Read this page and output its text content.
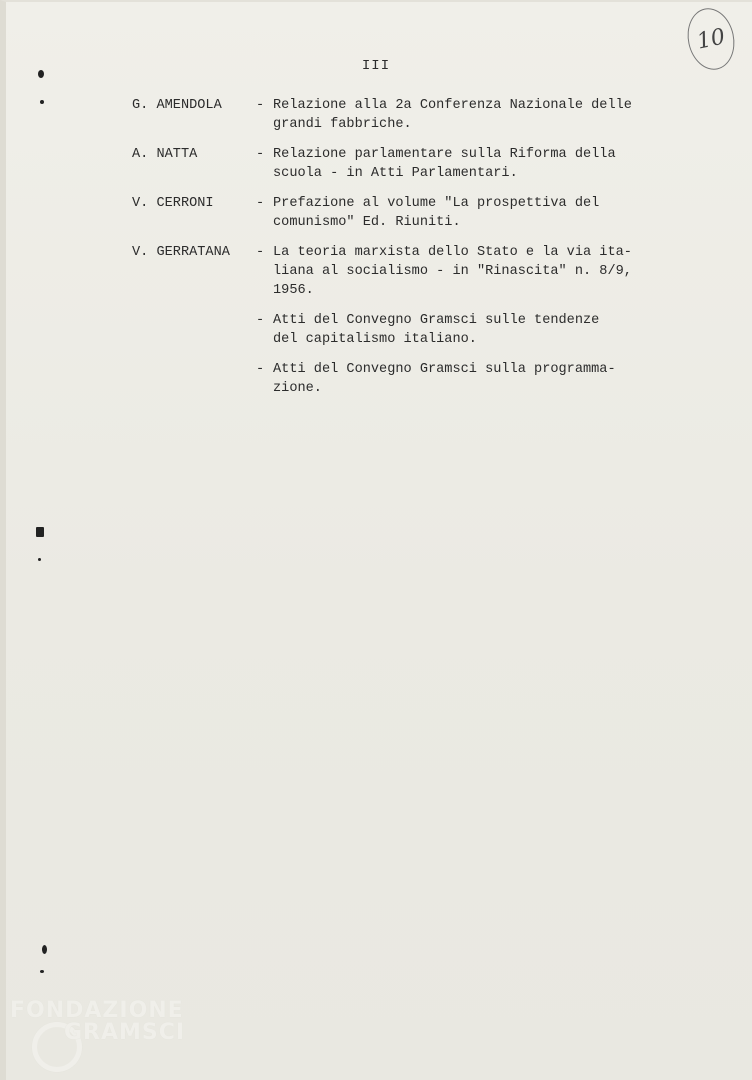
10
III
G. AMENDOLA	- Relazione alla 2a Conferenza Nazionale delle
grandi fabbriche.
A. NATTA	- Relazione parlamentare sulla Riforma della
scuola - in Atti Parlamentari.
V. CERRONI	- Prefazione al volume "La prospettiva del
comunismo" Ed. Riuniti.
V. GERRATANA	- La teoria marxista dello Stato e la via ita-
liana al socialismo - in "Rinascita" n. 8/9,
1956.
- Atti del Convegno Gramsci sulle tendenze
del capitalismo italiano.
- Atti del Convegno Gramsci sulla programma-
zione.
FONDAZIONE
GRAMSCI
